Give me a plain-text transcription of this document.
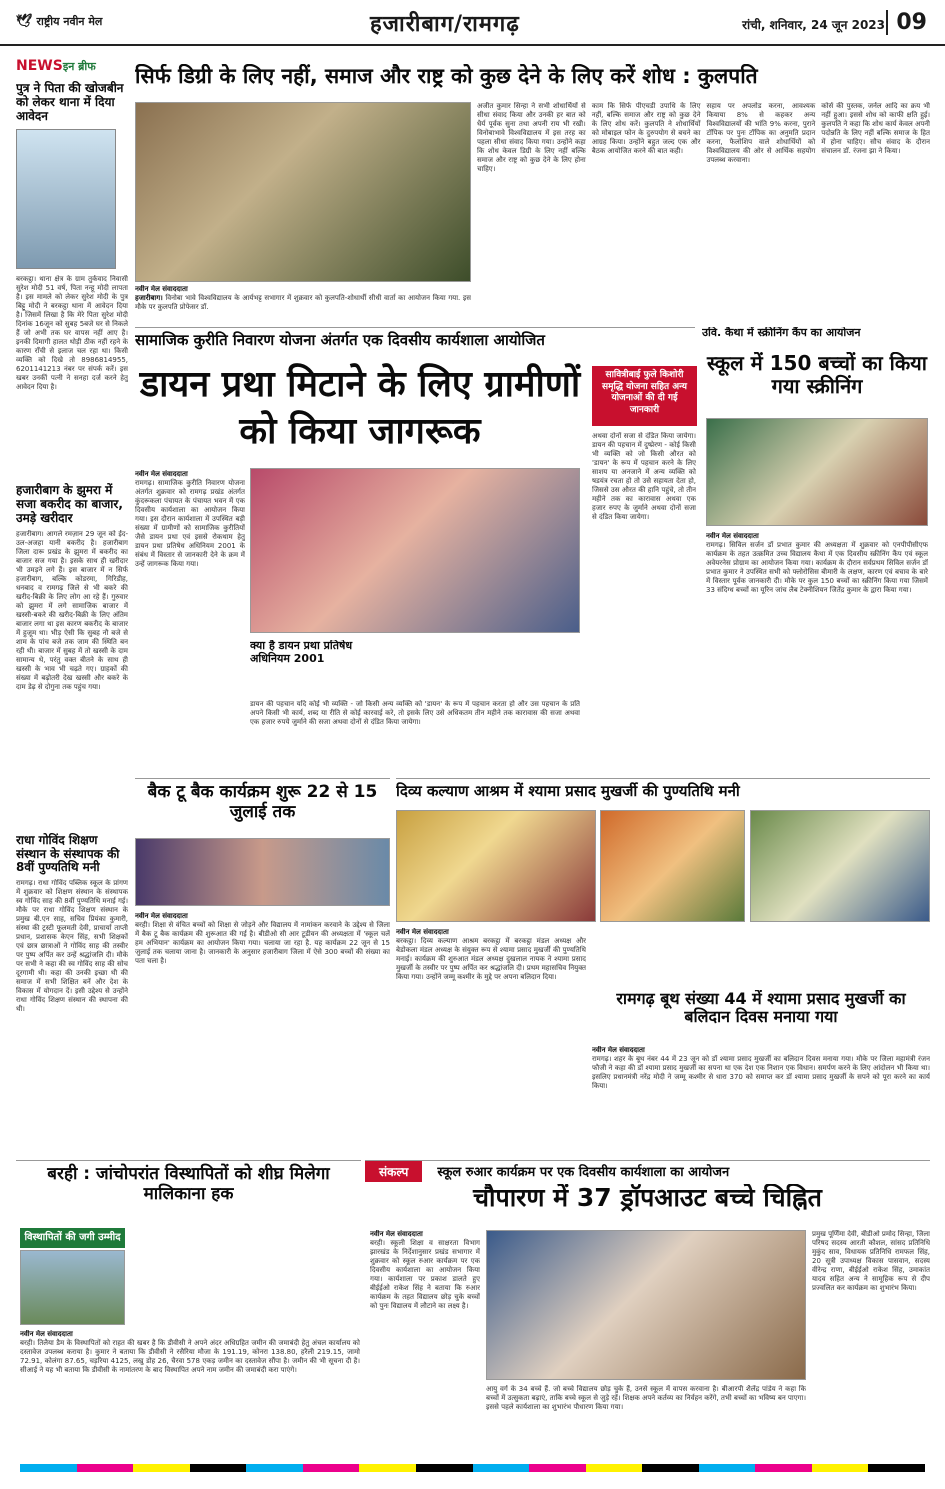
🕊 राष्ट्रीय नवीन मेल	हजारीबाग/रामगढ़	रांची, शनिवार, 24 जून 2023 09
NEWSइन ब्रीफ
पुत्र ने पिता की खोजबीन को लेकर थाना में दिया आवेदन
बरकट्ठा। थाना क्षेत्र के ग्राम तुर्कवाद निवासी सुरेश मोदी 51 वर्ष, पिता नन्हू मोदी लापता है। इस मामले को लेकर सुरेश मोदी के पुत्र बिट्टू मोदी ने बरकट्ठा थाना में आवेदन दिया है। जिसमें लिखा है कि मेरे पिता सुरेश मोदी दिनांक 16जून को सुबह 5बजे घर से निकले हैं जो अभी तक घर वापस नहीं आए है। इनकी दिमागी हालत थोड़ी ठीक नहीं रहने के कारण राँची से इलाज चल रहा था। किसी व्यक्ति को दिखे तो 8986814955, 6201141213 नंबर पर संपर्क करें। इस खबर उनकीं पत्नी ने सनहा दर्ज करने हेतु आवेदन दिया है।
हजारीबाग के झुमरा में सजा बकरीद का बाजार, उमड़े खरीदार
हजारीबाग। आगले रमज़ान 29 जून को ईद-उल-अजहा यानी बकरीद है। हजारीबाग जिला दारू प्रखंड के झुमरा में बकरीद का बाजार सज गया है। इसके साथ ही खरीदार भी उमड़ने लगे हैं। इस बाजार में न सिर्फ हजारीबाग, बल्कि कोडरमा, गिरिडीह, धनबाद व रामगढ़ जिले से भी बकरे की खरीद-बिक्री के लिए लोग आ रहे हैं। गुरुवार को झुमरा में लगे सामाजिक बाजार में खस्सी-बकरे की खरीद-बिक्री के लिए अंतिम बाजार लगा था इस कारण बकरीद के बाजार में हुजूम था। भीड़ ऐसी कि सुबह नौ बजे से शाम के पांच बजे तक जाम की स्थिति बन रही थी। बाजार में सुबह में तो खस्सी के दाम सामान्य थे, परंतु वक्त बीतने के साथ ही खस्सी के भाव भी चढ़ते गए। ग्राहकों की संख्या में बढ़ोतरी देख खस्सी और बकरे के दाम डेढ़ से दोगुना तक पहुंच गया।
राधा गोविंद शिक्षण संस्थान के संस्थापक की 8वीं पुण्यतिथि मनी
रामगढ़। राधा गोविंद पब्लिक स्कूल के प्रांगण में शुक्रवार को शिक्षण संस्थान के संस्थापक स्व गोविंद साह की 8वीं पुण्यतिथि मनाई गई। मौके पर राधा गोविंद शिक्षण संस्थान के प्रमुख बी.एन साह, सचिव प्रियंका कुमारी, संस्था की ट्रस्टी फूलमती देवी, प्राचार्या ताप्ती प्रधान, प्रशासक केएन सिंह, सभी शिक्षकों एवं छात्र छात्राओं ने गोविंद साह की तस्वीर पर पुष्प अर्पित कर उन्हें श्रद्धांजलि दी। मौके पर सभी ने कहा की स्व गोविंद साह की सोच दूरगामी थी। कहा की उनकी इच्छा थी की समाज में सभी शिक्षित बनें और देश के विकास में योगदान दें। इसी उद्देश्य से उन्होंने राधा गोविंद शिक्षण संस्थान की स्थापना की थी।
सिर्फ डिग्री के लिए नहीं, समाज और राष्ट्र को कुछ देने के लिए करें शोध : कुलपति
नवीन मेल संवाददाता
हजारीबाग। विनोबा भावे विश्वविद्यालय के आर्यभट्ट सभागार में शुक्रवार को कुलपति-शोधार्थी सीधी वार्ता का आयोजन किया गया. इस मौके पर कुलपति प्रोफेसर डॉ.
अजीत कुमार सिन्हा ने सभी शोधार्थियों से सीधा संवाद किया और उनकी हर बात को धैर्य पूर्वक सुना तथा अपनी राय भी रखी। विनोबाभावे विश्वविद्यालय में इस तरह का पहला सीधा संवाद किया गया। उन्होंने कहा कि शोध केवल डिग्री के लिए नहीं बल्कि समाज और राष्ट्र को कुछ देने के लिए होना चाहिए।
काम कि सिर्फ पीएचडी उपाधि के लिए नहीं, बल्कि समाज और राष्ट्र को कुछ देने के लिए शोध करें। कुलपति ने शोधार्थियों को मोबाइल फोन के दुरुपयोग से बचने का आग्रह किया। उन्होंने बहुत जल्द एक और बैठक आयोजित करने की बात कही।
सहाय पर अपलोड करना, आवश्यक कियाया 8% से कहकर अन्य विश्वविद्यालयों की भांति 9% करना, पुराने टॉपिक पर पुनः टॉपिक का अनुमति प्रदान करना, फैलोशिप वाले शोधार्थियों को विश्वविद्यालय की ओर से आर्थिक सहयोग उपलब्ध करवाना।
कोर्स की पुस्तक, जर्नल आदि का क्रय भी नहीं हुआ। इससे शोध को काफी क्षति हुई। कुलपति ने कहा कि शोध कार्य केवल अपनी पदोन्नति के लिए नहीं बल्कि समाज के हित में होना चाहिए। सौच संवाद के दौरान संचालन डॉ. रंजना झा ने किया।
सामाजिक कुरीति निवारण योजना अंतर्गत एक दिवसीय कार्यशाला आयोजित
डायन प्रथा मिटाने के लिए ग्रामीणों को किया जागरूक
सावित्रीबाई फुले किशोरी समृद्धि योजना सहित अन्य योजनाओं की दी गई जानकारी
नवीन मेल संवाददाता
रामगढ़। सामाजिक कुरीति निवारण योजना अंतर्गत शुक्रवार को रामगढ़ प्रखंड अंतर्गत कुंदरूकला पंचायत के पंचायत भवन में एक दिवसीय कार्यशाला का आयोजन किया गया। इस दौरान कार्यशाला में उपस्थित बड़ी संख्या में ग्रामीणों को सामाजिक कुरीतियों जैसे डायन प्रथा एवं इससे रोकथाम हेतु डायन प्रथा प्रतिषेध अधिनियम 2001 के संबंध में विस्तार से जानकारी देने के क्रम में उन्हें जागरूक किया गया।
क्या है डायन प्रथा प्रतिषेध अधिनियम 2001
डायन की पहचान यदि कोई भी व्यक्ति - जो किसी अन्य व्यक्ति को 'डायन' के रूप में पहचान करता हो और उस पहचान के प्रति अपने किसी भी कार्य, शब्द या रीति से कोई कारवाई करे, तो इसके लिए उसे अधिकतम तीन महीने तक कारावास की सजा अथवा एक हजार रुपये जुर्माने की सजा अथवा दोनों से दंडित किया जायेगा।
अथवा दोनों सजा से दंडित किया जायेगा। डायन की पहचान में दुष्प्रेरण - कोई किसी भी व्यक्ति को जो किसी औरत को 'डायन' के रूप में पहचान करने के लिए साशय या अनजाने में अन्य व्यक्ति को षडयंत्र रचता हो तो उसे सहायता देता हो, जिससे उस औरत की हानि पहुंचे, तो तीन महीने तक का कारावास अथवा एक हजार रुपए के जुर्माने अथवा दोनों सजा से दंडित किया जायेगा।
उवि. कैथा में स्क्रीनिंग कैंप का आयोजन
स्कूल में 150 बच्चों का किया गया स्क्रीनिंग
नवीन मेल संवाददाता
रामगढ़। सिविल सर्जन डॉ प्रभात कुमार की अध्यक्षता में शुक्रवार को एनपीपीसीएफ कार्यक्रम के तहत उत्क्रमित उच्च विद्यालय कैथा में एक दिवसीय स्क्रीनिंग कैंप एवं स्कूल अवेयरनेस प्रोग्राम का आयोजन किया गया। कार्यक्रम के दौरान सर्वप्रथम सिविल सर्जन डॉ प्रभात कुमार ने उपस्थित सभी को फ्लोरोसिस बीमारी के लक्षण, कारण एवं बचाव के बारे में विस्तार पूर्वक जानकारी दी। मौके पर कुल 150 बच्चों का स्क्रीनिंग किया गया जिसमें 33 संदिग्ध बच्चों का यूरिन जांच लैब टेक्नीशियन जितेंद्र कुमार के द्वारा किया गया।
बैक टू बैक कार्यक्रम शुरू 22 से 15 जुलाई तक
नवीन मेल संवाददाता
बरही। शिक्षा से वंचित बच्चों को शिक्षा से जोड़ने और विद्यालय में नामांकन करवाने के उद्देश्य से जिला में बैक टू बैक कार्यक्रम की शुरूआत की गई है। बीडीओ सी आर टूडीवन की अध्यक्षता में 'स्कूल चलें हम अभियान' कार्यक्रम का आयोजन किया गया। चलाया जा रहा है. यह कार्यक्रम 22 जून से 15 जुलाई तक चलाया जाना है। जानकारी के अनुसार हजारीबाग जिला में ऐसे 300 बच्चों की संख्या का पता चला है।
दिव्य कल्याण आश्रम में श्यामा प्रसाद मुखर्जी की पुण्यतिथि मनी
नवीन मेल संवाददाता
बरकट्ठा। दिव्य कल्याण आश्रम बरकट्ठा में बरकट्ठा मंडल अध्यक्ष और बेडोकला मंडल अध्यक्ष के संयुक्त रूप से श्यामा प्रसाद मुखर्जी की पुण्यतिथि मनाई। कार्यक्रम की शुरुआत मंडल अध्यक्ष दुखलाल नायक ने श्यामा प्रसाद मुखर्जी के तस्वीर पर पुष्प अर्पित कर श्रद्धांजलि दी। प्रथम महासचिव नियुक्त किया गया। उन्होंने जम्मू कश्मीर के मुद्दे पर अपना बलिदान दिया।
रामगढ़ बूथ संख्या 44 में श्यामा प्रसाद मुखर्जी का बलिदान दिवस मनाया गया
नवीन मेल संवाददाता
रामगढ़। शहर के बूथ नंबर 44 में 23 जून को डॉ श्यामा प्रसाद मुखर्जी का बलिदान दिवस मनाया गया। मौके पर जिला महामंत्री रंजन फौजी ने कहा की डॉ श्यामा प्रसाद मुखर्जी का सपना था एक देश एक निशान एक विधान। समर्पण करने के लिए आंदोलन भी किया था। इसलिए प्रधानमंत्री नरेंद्र मोदी ने जम्मू कश्मीर से धारा 370 को समाप्त कर डॉ श्यामा प्रसाद मुखर्जी के सपने को पूरा करने का कार्य किया।
बरही : जांचोपरांत विस्थापितों को शीघ्र मिलेगा मालिकाना हक
विस्थापितों की जगी उम्मीद
नवीन मेल संवाददाता
बरही। तिलैया डैम के विस्थापितों को राहत की खबर है कि डीवीसी ने अपने अंदर अधिग्रहित जमीन की जमाबंदी हेतु अंचल कार्यालय को दस्तावेज उपलब्ध कराया है। कुमार ने बताया कि डीवीसी ने रसैरिया मौजा के 191.19, कोनरा 138.80, हरैली 219.15, जामो 72.91, कोलंगा 87.65, चड़रिया 4125, लखु डोह 26, चैरवा 578 एकड़ जमीन का दस्तावेज सौंपा है। जमीन की भी सूचना दी है। सीआई ने यह भी बताया कि डीवीसी के नामांतरण के बाद विस्थापित अपने नाम जमीन की जमाबंदी करा पाएंगे।
संकल्प स्कूल रुआर कार्यक्रम पर एक दिवसीय कार्यशाला का आयोजन
चौपारण में 37 ड्रॉपआउट बच्चे चिह्नित
नवीन मेल संवाददाता
बरही। स्कूली शिक्षा व साक्षरता विभाग झारखंड के निर्देशानुसार प्रखंड सभागार में शुक्रवार को स्कूल रुआर कार्यक्रम पर एक दिवसीय कार्यशाला का आयोजन किया गया। कार्यशाला पर प्रकाश डालते हुए बीईईओ राकेश सिंह ने बताया कि रुआर कार्यक्रम के तहत विद्यालय छोड़ चुके बच्चों को पुनः विद्यालय में लौटाने का लक्ष्य है।
आयु वर्ग के 34 बच्चे हैं. जो बच्चे विद्यालय छोड़ चुके हैं, उनसे स्कूल में वापस करवाना है। बीआरपी शैलेंद्र पांडेय ने कहा कि बच्चों में उत्सुकता बढ़ाएं, ताकि बच्चे स्कूल से जुड़े रहें। शिक्षक अपने कर्तव्य का निर्वहन करेंगे, तभी बच्चों का भविष्य बन पाएगा। इससे पहले कार्यशाला का शुभारंभ पौधारण किया गया।
प्रमुख पूर्णिमा देवी, बीडीओ प्रमोद सिन्हा, जिला परिषद सदस्य आरती कौशल, सांसद प्रतिनिधि मुकुंद साव, विधायक प्रतिनिधि रामफल सिंह, 20 सूत्री उपाध्यक्ष विकास पासवान, सदस्य वीरेन्द्र राणा, बीईईओ राकेश सिंह, उमाकांत यादव सहित अन्य ने सामूहिक रूप से दीप प्रज्वलित कर कार्यक्रम का शुभारंभ किया।
